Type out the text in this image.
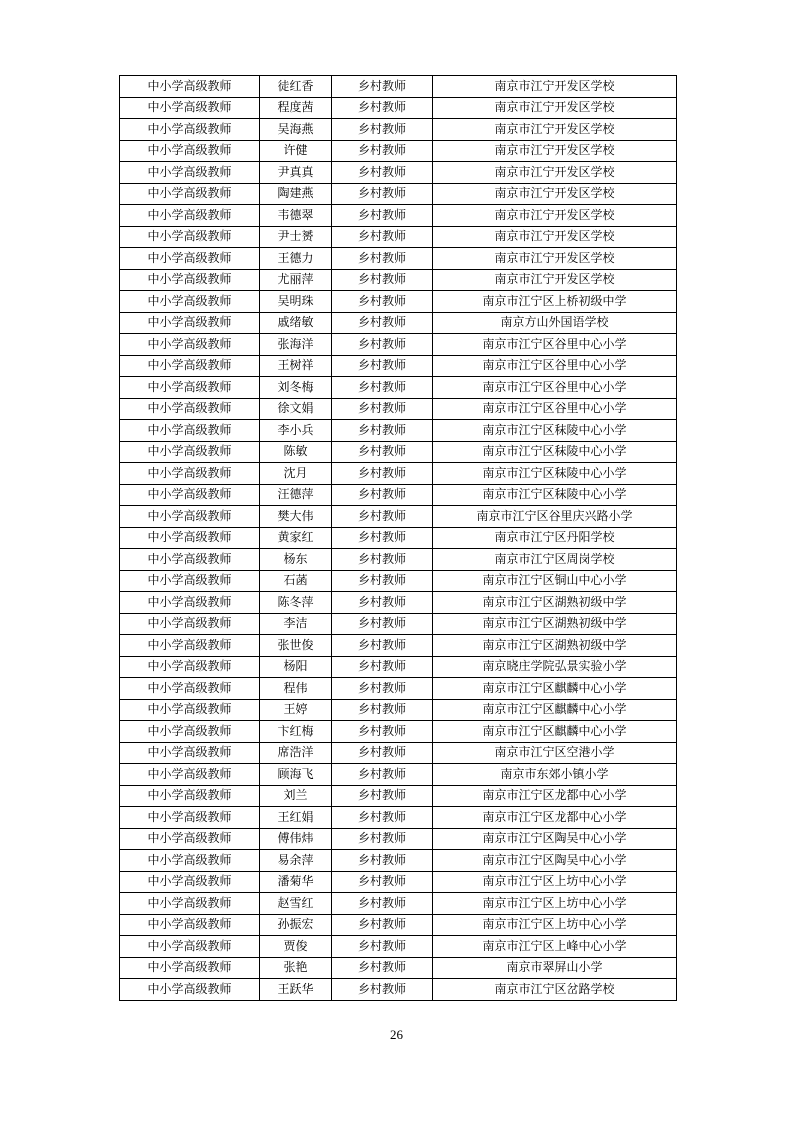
中小学高级教师	徒红香	乡村教师	南京市江宁开发区学校
中小学高级教师	程度茜	乡村教师	南京市江宁开发区学校
中小学高级教师	吴海燕	乡村教师	南京市江宁开发区学校
中小学高级教师	许健	乡村教师	南京市江宁开发区学校
中小学高级教师	尹真真	乡村教师	南京市江宁开发区学校
中小学高级教师	陶建燕	乡村教师	南京市江宁开发区学校
中小学高级教师	韦德翠	乡村教师	南京市江宁开发区学校
中小学高级教师	尹士赟	乡村教师	南京市江宁开发区学校
中小学高级教师	王德力	乡村教师	南京市江宁开发区学校
中小学高级教师	尤丽萍	乡村教师	南京市江宁开发区学校
中小学高级教师	吴明珠	乡村教师	南京市江宁区上桥初级中学
中小学高级教师	戚绪敏	乡村教师	南京方山外国语学校
中小学高级教师	张海洋	乡村教师	南京市江宁区谷里中心小学
中小学高级教师	王树祥	乡村教师	南京市江宁区谷里中心小学
中小学高级教师	刘冬梅	乡村教师	南京市江宁区谷里中心小学
中小学高级教师	徐文娟	乡村教师	南京市江宁区谷里中心小学
中小学高级教师	李小兵	乡村教师	南京市江宁区秣陵中心小学
中小学高级教师	陈敏	乡村教师	南京市江宁区秣陵中心小学
中小学高级教师	沈月	乡村教师	南京市江宁区秣陵中心小学
中小学高级教师	汪德萍	乡村教师	南京市江宁区秣陵中心小学
中小学高级教师	樊大伟	乡村教师	南京市江宁区谷里庆兴路小学
中小学高级教师	黄家红	乡村教师	南京市江宁区丹阳学校
中小学高级教师	杨东	乡村教师	南京市江宁区周岗学校
中小学高级教师	石菡	乡村教师	南京市江宁区铜山中心小学
中小学高级教师	陈冬萍	乡村教师	南京市江宁区湖熟初级中学
中小学高级教师	李洁	乡村教师	南京市江宁区湖熟初级中学
中小学高级教师	张世俊	乡村教师	南京市江宁区湖熟初级中学
中小学高级教师	杨阳	乡村教师	南京晓庄学院弘景实验小学
中小学高级教师	程伟	乡村教师	南京市江宁区麒麟中心小学
中小学高级教师	王婷	乡村教师	南京市江宁区麒麟中心小学
中小学高级教师	卞红梅	乡村教师	南京市江宁区麒麟中心小学
中小学高级教师	席浩洋	乡村教师	南京市江宁区空港小学
中小学高级教师	顾海飞	乡村教师	南京市东郊小镇小学
中小学高级教师	刘兰	乡村教师	南京市江宁区龙都中心小学
中小学高级教师	王红娟	乡村教师	南京市江宁区龙都中心小学
中小学高级教师	傅伟炜	乡村教师	南京市江宁区陶吴中心小学
中小学高级教师	易余萍	乡村教师	南京市江宁区陶吴中心小学
中小学高级教师	潘菊华	乡村教师	南京市江宁区上坊中心小学
中小学高级教师	赵雪红	乡村教师	南京市江宁区上坊中心小学
中小学高级教师	孙振宏	乡村教师	南京市江宁区上坊中心小学
中小学高级教师	贾俊	乡村教师	南京市江宁区上峰中心小学
中小学高级教师	张艳	乡村教师	南京市翠屏山小学
中小学高级教师	王跃华	乡村教师	南京市江宁区岔路学校
26
